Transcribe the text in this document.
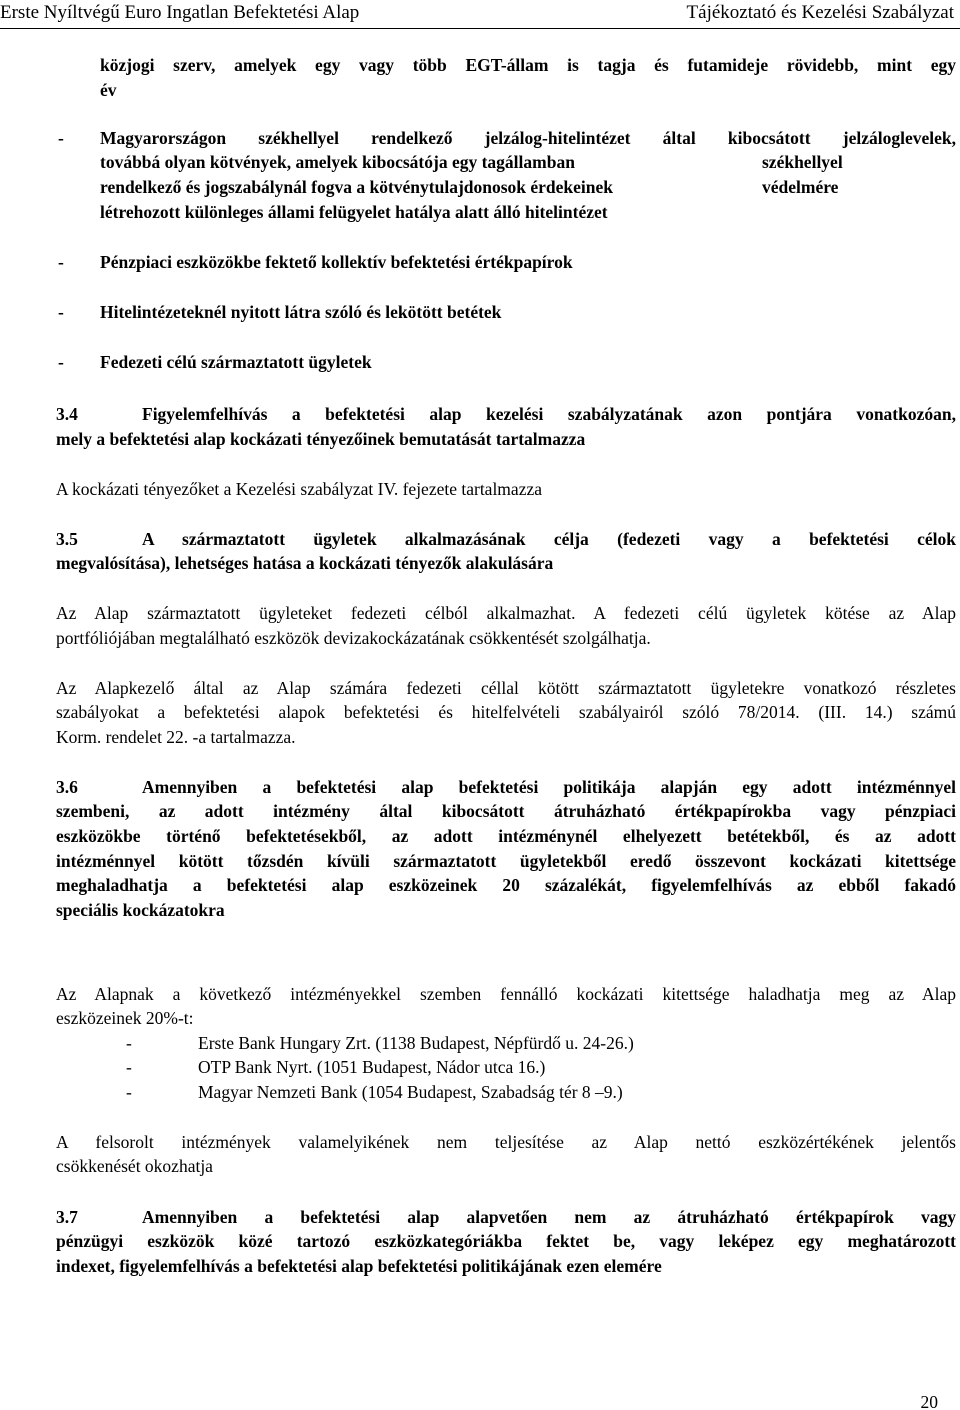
Erste Nyíltvégű Euro Ingatlan Befektetési Alap	Tájékoztató és Kezelési Szabályzat
közjogi szerv, amelyek egy vagy több EGT-állam is tagja és futamideje rövidebb, mint egy
év
- Magyarországon székhellyel rendelkező jelzálog-hitelintézet által kibocsátott jelzáloglevelek,
továbbá olyan kötvények, amelyek kibocsátója egy tagállamban	székhellyel
rendelkező és jogszabálynál fogva a kötvénytulajdonosok érdekeinek	védelmére
létrehozott különleges állami felügyelet hatálya alatt álló hitelintézet
- Pénzpiaci eszközökbe fektető kollektív befektetési értékpapírok
- Hitelintézeteknél nyitott látra szóló és lekötött betétek
- Fedezeti célú származtatott ügyletek
3.4	Figyelemfelhívás a befektetési alap kezelési szabályzatának azon pontjára vonatkozóan,
mely a befektetési alap kockázati tényezőinek bemutatását tartalmazza
A kockázati tényezőket a Kezelési szabályzat IV. fejezete tartalmazza
3.5	A származtatott ügyletek alkalmazásának célja (fedezeti vagy a befektetési célok
megvalósítása), lehetséges hatása a kockázati tényezők alakulására
Az Alap származtatott ügyleteket fedezeti célból alkalmazhat. A fedezeti célú ügyletek kötése az Alap
portfóliójában megtalálható eszközök devizakockázatának csökkentését szolgálhatja.
Az Alapkezelő által az Alap számára fedezeti céllal kötött származtatott ügyletekre vonatkozó részletes
szabályokat a befektetési alapok befektetési és hitelfelvételi szabályairól szóló 78/2014. (III. 14.) számú
Korm. rendelet 22. -a tartalmazza.
3.6	Amennyiben a befektetési alap befektetési politikája alapján egy adott intézménnyel
szembeni, az adott intézmény által kibocsátott átruházható értékpapírokba vagy pénzpiaci
eszközökbe történő befektetésekből, az adott intézménynél elhelyezett betétekből, és az adott
intézménnyel kötött tőzsdén kívüli származtatott ügyletekből eredő összevont kockázati kitettsége
meghaladhatja a befektetési alap eszközeinek 20 százalékát, figyelemfelhívás az ebből fakadó
speciális kockázatokra
Az Alapnak a következő intézményekkel szemben fennálló kockázati kitettsége haladhatja meg az Alap
eszközeinek 20%-t:
-	Erste Bank Hungary Zrt. (1138 Budapest, Népfürdő u. 24-26.)
-	OTP Bank Nyrt. (1051 Budapest, Nádor utca 16.)
-	Magyar Nemzeti Bank (1054 Budapest, Szabadság tér 8 –9.)
A felsorolt intézmények valamelyikének nem teljesítése az Alap nettó eszközértékének jelentős
csökkenését okozhatja
3.7	Amennyiben a befektetési alap alapvetően nem az átruházható értékpapírok vagy
pénzügyi eszközök közé tartozó eszközkategóriákba fektet be, vagy leképez egy meghatározott
indexet, figyelemfelhívás a befektetési alap befektetési politikájának ezen elemére
20
